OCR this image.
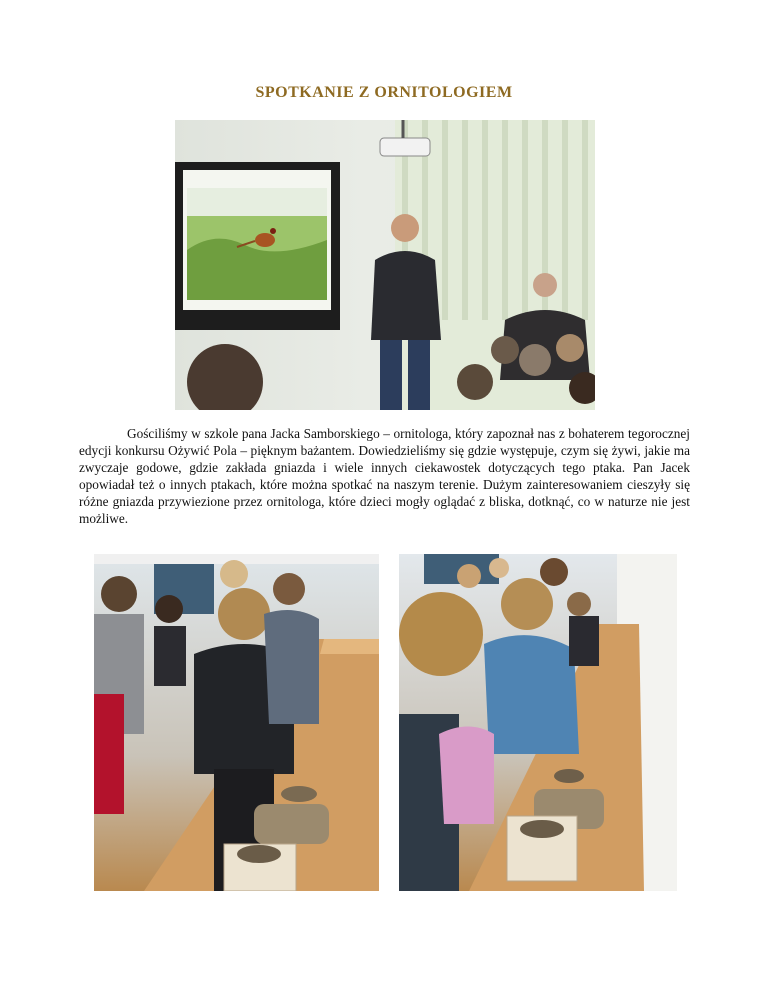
SPOTKANIE Z ORNITOLOGIEM

Gościliśmy w szkole pana Jacka Samborskiego – ornitologa, który zapoznał nas z bohaterem tegorocznej edycji konkursu Ożywić Pola – pięknym bażantem. Dowiedzieliśmy się gdzie występuje, czym się żywi, jakie ma zwyczaje godowe, gdzie zakłada gniazda i wiele innych ciekawostek dotyczących tego ptaka. Pan Jacek opowiadał też o innych ptakach, które można spotkać na naszym terenie. Dużym zainteresowaniem cieszyły się różne gniazda przywiezione przez ornitologa, które dzieci mogły oglądać z bliska, dotknąć, co w naturze nie jest możliwe.
